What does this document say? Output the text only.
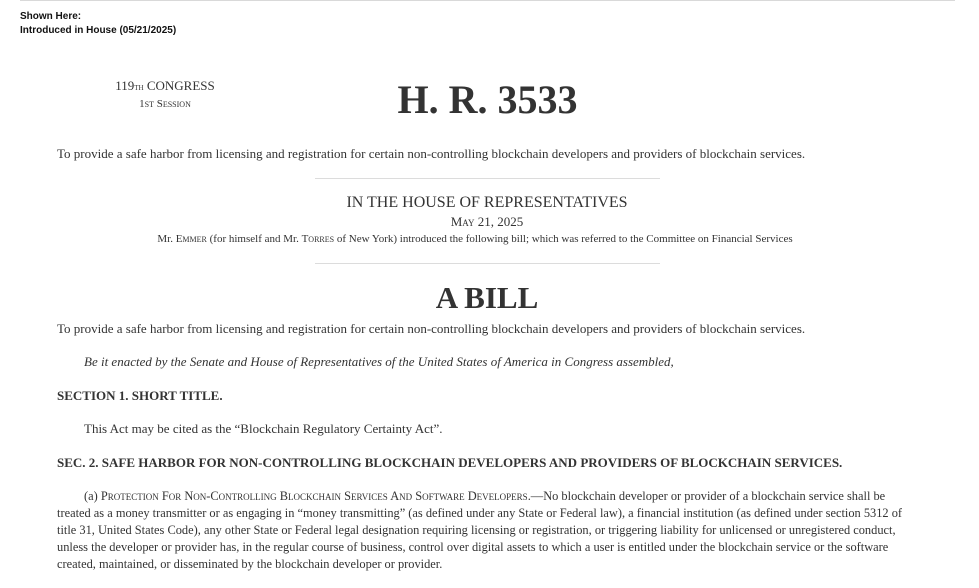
Shown Here:
Introduced in House (05/21/2025)
119th CONGRESS
1st Session	H. R. 3533
To provide a safe harbor from licensing and registration for certain non-controlling blockchain developers and providers of blockchain services.
IN THE HOUSE OF REPRESENTATIVES
May 21, 2025
Mr. Emmer (for himself and Mr. Torres of New York) introduced the following bill; which was referred to the Committee on Financial Services
A BILL
To provide a safe harbor from licensing and registration for certain non-controlling blockchain developers and providers of blockchain services.
Be it enacted by the Senate and House of Representatives of the United States of America in Congress assembled,
SECTION 1. SHORT TITLE.
This Act may be cited as the “Blockchain Regulatory Certainty Act”.
SEC. 2. SAFE HARBOR FOR NON-CONTROLLING BLOCKCHAIN DEVELOPERS AND PROVIDERS OF BLOCKCHAIN SERVICES.
(a) Protection For Non-Controlling Blockchain Services And Software Developers.—No blockchain developer or provider of a blockchain service shall be treated as a money transmitter or as engaging in “money transmitting” (as defined under any State or Federal law), a financial institution (as defined under section 5312 of title 31, United States Code), any other State or Federal legal designation requiring licensing or registration, or triggering liability for unlicensed or unregistered conduct, unless the developer or provider has, in the regular course of business, control over digital assets to which a user is entitled under the blockchain service or the software created, maintained, or disseminated by the blockchain developer or provider.
